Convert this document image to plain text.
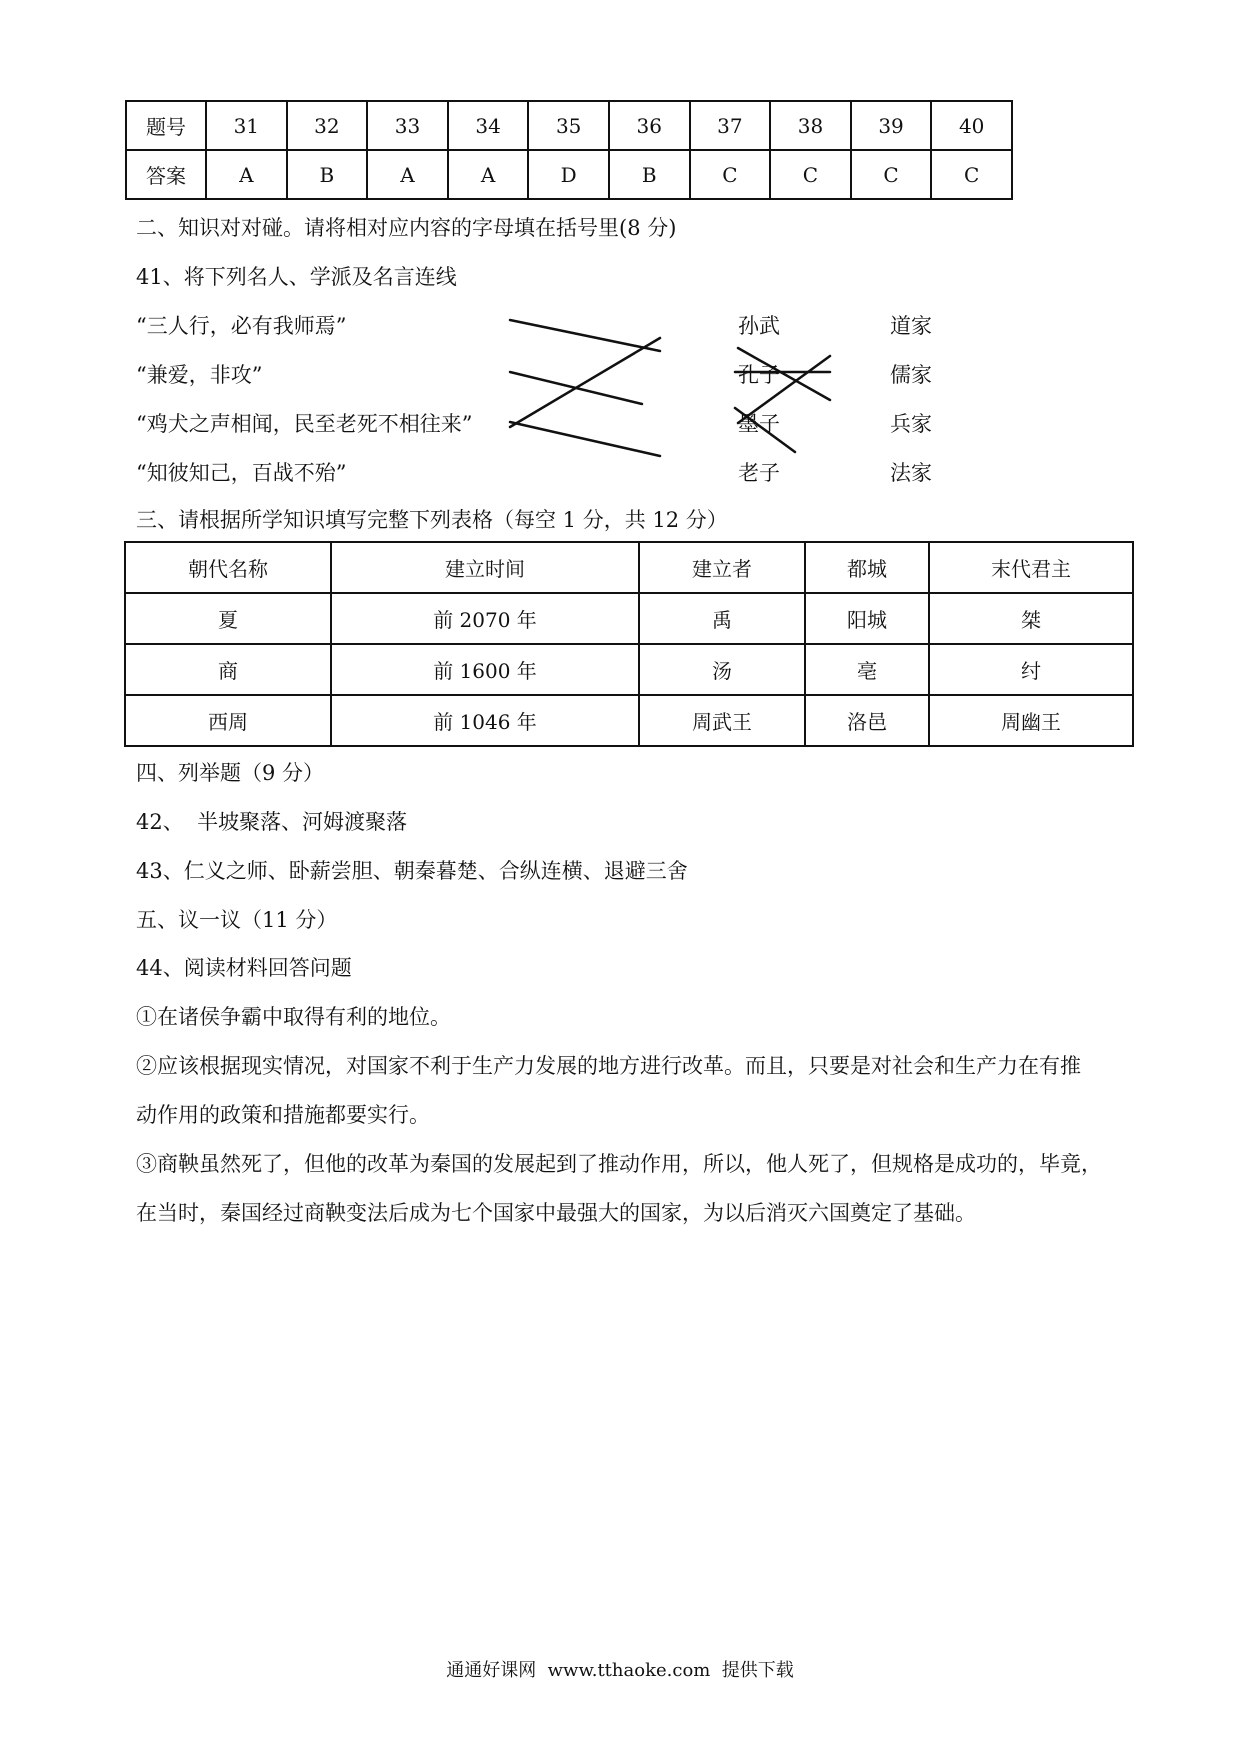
题号	31	32	33	34	35	36	37	38	39	40
答案	A	B	A	A	D	B	C	C	C	C
二、知识对对碰。请将相对应内容的字母填在括号里(8 分)
41、将下列名人、学派及名言连线
“三人行，必有我师焉”
“兼爱，非攻”
“鸡犬之声相闻，民至老死不相往来”
“知彼知己，百战不殆”
孙武
孔子
墨子
老子
道家
儒家
兵家
法家
三、请根据所学知识填写完整下列表格（每空 1 分，共 12 分）
朝代名称	建立时间	建立者	都城	末代君主
夏	前 2070 年	禹	阳城	桀
商	前 1600 年	汤	亳	纣
西周	前 1046 年	周武王	洛邑	周幽王
四、列举题（9 分）
42、  半坡聚落、河姆渡聚落
43、仁义之师、卧薪尝胆、朝秦暮楚、合纵连横、退避三舍
五、议一议（11 分）
44、阅读材料回答问题
①在诸侯争霸中取得有利的地位。
②应该根据现实情况，对国家不利于生产力发展的地方进行改革。而且，只要是对社会和生产力在有推
动作用的政策和措施都要实行。
③商鞅虽然死了，但他的改革为秦国的发展起到了推动作用，所以，他人死了，但规格是成功的，毕竟，
在当时，秦国经过商鞅变法后成为七个国家中最强大的国家，为以后消灭六国奠定了基础。
通通好课网  www.tthaoke.com  提供下载
